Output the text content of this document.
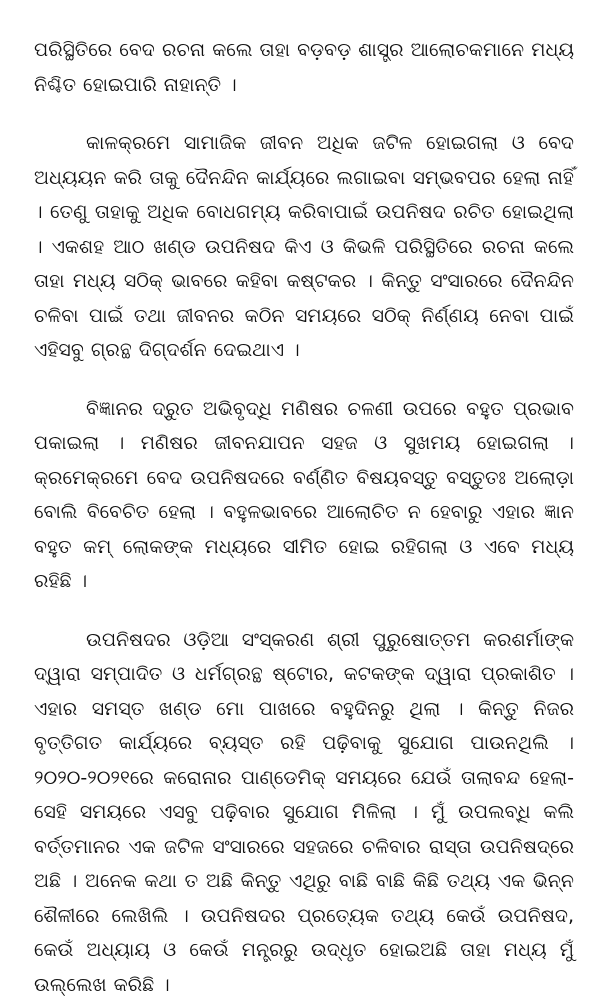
ପରିସ୍ଥିତିରେ ବେଦ ରଚନା କଲେ ତାହା ବଡ଼ବଡ଼ ଶାସ୍ତ୍ର ଆଲୋଚକମାନେ ମଧ୍ୟ ନିଶ୍ଚିତ ହୋଇପାରି ନାହାନ୍ତି ।

କାଳକ୍ରମେ ସାମାଜିକ ଜୀବନ ଅଧିକ ଜଟିଳ ହୋଇଗଲା ଓ ବେଦ ଅଧ୍ୟୟନ କରି ତାକୁ ଦୈନନ୍ଦିନ କାର୍ଯ୍ୟରେ ଲଗାଇବା ସମ୍ଭବପର ହେଲା ନାହିଁ । ତେଣୁ ତାହାକୁ ଅଧିକ ବୋଧଗମ୍ୟ କରିବାପାଇଁ ଉପନିଷଦ ରଚିତ ହୋଇଥିଲା । ଏକଶହ ଆଠ ଖଣ୍ଡ ଉପନିଷଦ କିଏ ଓ କିଭଳି ପରିସ୍ଥିତିରେ ରଚନା କଲେ ତାହା ମଧ୍ୟ ସଠିକ୍ ଭାବରେ କହିବା କଷ୍ଟକର । କିନ୍ତୁ ସଂସାରରେ ଦୈନନ୍ଦିନ ଚଳିବା ପାଇଁ ତଥା ଜୀବନର କଠିନ ସମୟରେ ସଠିକ୍ ନିର୍ଣ୍ଣୟ ନେବା ପାଇଁ ଏହିସବୁ ଗ୍ରନ୍ଥ ଦିଗ୍‌ଦର୍ଶନ ଦେଇଥାଏ ।

ବିଜ୍ଞାନର ଦ୍ରୁତ ଅଭିବୃଦ୍ଧି ମଣିଷର ଚଳଣୀ ଉପରେ ବହୁତ ପ୍ରଭାବ ପକାଇଲା । ମଣିଷର ଜୀବନଯାପନ ସହଜ ଓ ସୁଖମୟ ହୋଇଗଲା । କ୍ରମେକ୍ରମେ ବେଦ ଉପନିଷଦରେ ବର୍ଣ୍ଣିତ ବିଷୟବସ୍ତୁ ବସ୍ତୁତଃ ଅଲୋଡ଼ା ବୋଲି ବିବେଚିତ ହେଲା । ବହୁଳଭାବରେ ଆଲୋଚିତ ନ ହେବାରୁ ଏହାର ଜ୍ଞାନ ବହୁତ କମ୍ ଲୋକଙ୍କ ମଧ୍ୟରେ ସୀମିତ ହୋଇ ରହିଗଲା ଓ ଏବେ ମଧ୍ୟ ରହିଛି ।

ଉପନିଷଦର ଓଡ଼ିଆ ସଂସ୍କରଣ ଶ୍ରୀ ପୁରୁଷୋତ୍ତମ କରଶର୍ମାଙ୍କ ଦ୍ୱାରା ସମ୍ପାଦିତ ଓ ଧର୍ମଗ୍ରନ୍ଥ ଷ୍ଟୋର, କଟକଙ୍କ ଦ୍ୱାରା ପ୍ରକାଶିତ । ଏହାର ସମସ୍ତ ଖଣ୍ଡ ମୋ ପାଖରେ ବହୁଦିନରୁ ଥିଲା । କିନ୍ତୁ ନିଜର ବୃତ୍ତିଗତ କାର୍ଯ୍ୟରେ ବ୍ୟସ୍ତ ରହି ପଢ଼ିବାକୁ ସୁଯୋଗ ପାଉନଥିଲି । ୨୦୨୦-୨୦୨୧ରେ କରୋନାର ପାଣ୍ଡେମିକ୍ ସମୟରେ ଯେଉଁ ତାଲାବନ୍ଦ ହେଲା- ସେହି ସମୟରେ ଏସବୁ ପଢ଼ିବାର ସୁଯୋଗ ମିଳିଲା । ମୁଁ ଉପଲବ୍ଧି କଲି ବର୍ତ୍ତମାନର ଏକ ଜଟିଳ ସଂସାରରେ ସହଜରେ ଚଳିବାର ରାସ୍ତା ଉପନିଷଦ୍‌ରେ ଅଛି । ଅନେକ କଥା ତ ଅଛି କିନ୍ତୁ ଏଥିରୁ ବାଛି ବାଛି କିଛି ତଥ୍ୟ ଏକ ଭିନ୍ନ ଶୈଳୀରେ ଲେଖିଲି । ଉପନିଷଦର ପ୍ରତ୍ୟେକ ତଥ୍ୟ କେଉଁ ଉପନିଷଦ, କେଉଁ ଅଧ୍ୟାୟ ଓ କେଉଁ ମନ୍ତ୍ରରୁ ଉଦ୍ଧୃତ ହୋଇଅଛି ତାହା ମଧ୍ୟ ମୁଁ ଉଲ୍ଲେଖ କରିଛି ।
